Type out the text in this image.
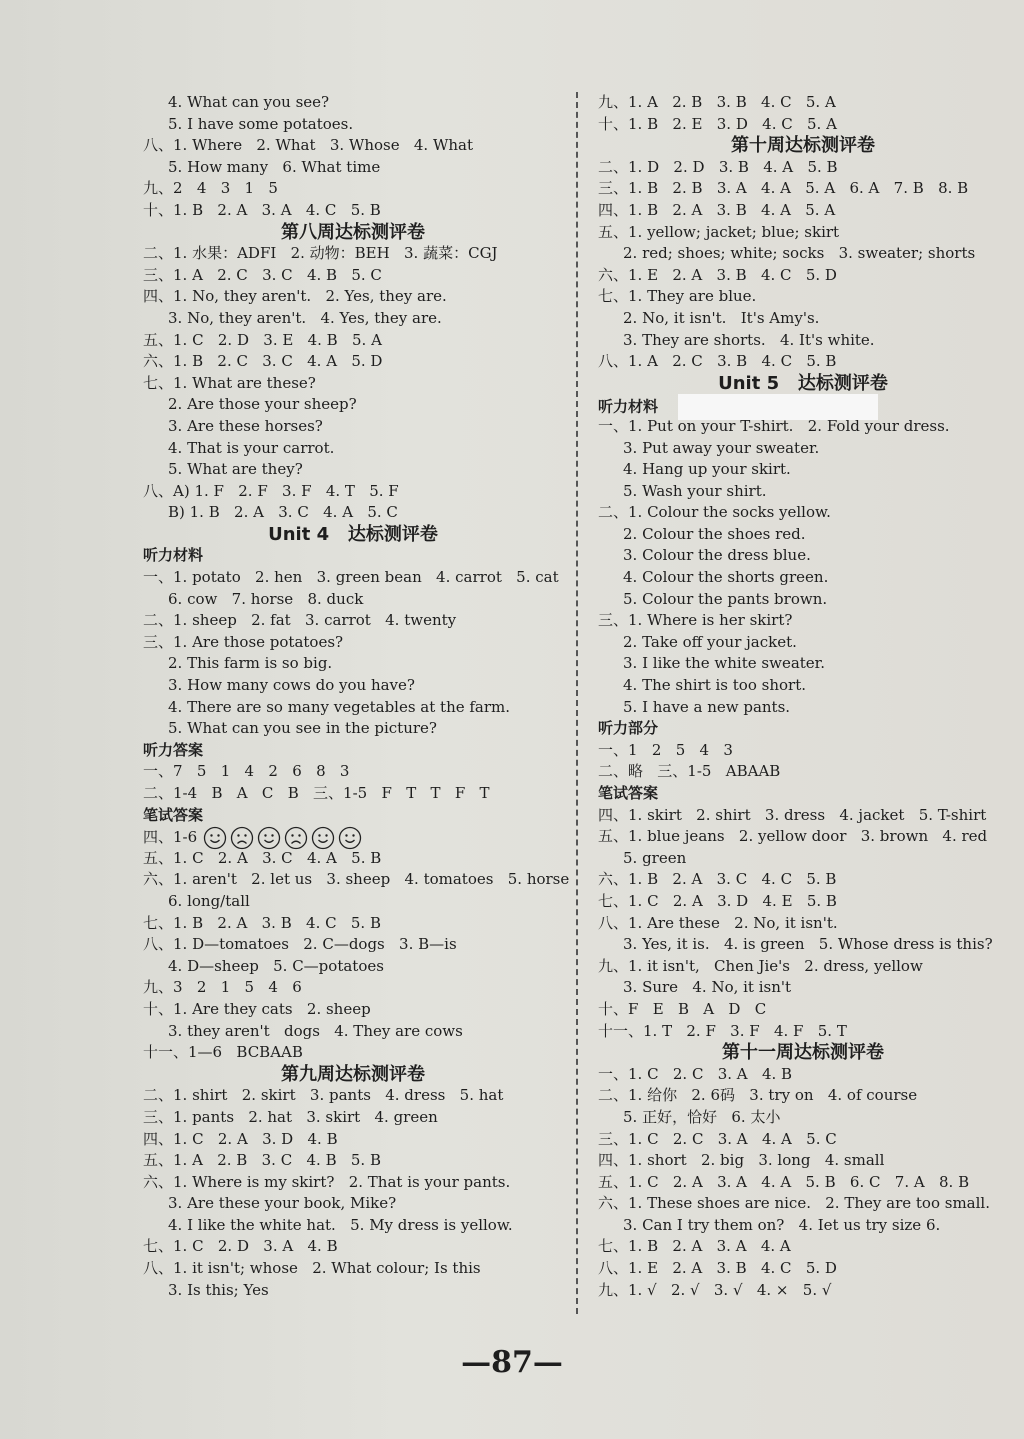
4. What can you see?
5. I have some potatoes.
八、1. Where   2. What   3. Whose   4. What
5. How many   6. What time
九、2   4   3   1   5
十、1. B   2. A   3. A   4. C   5. B
第八周达标测评卷
二、1. 水果：ADFI   2. 动物：BEH   3. 蔬菜：CGJ
三、1. A   2. C   3. C   4. B   5. C
四、1. No, they aren't.   2. Yes, they are.
3. No, they aren't.   4. Yes, they are.
五、1. C   2. D   3. E   4. B   5. A
六、1. B   2. C   3. C   4. A   5. D
七、1. What are these?
2. Are those your sheep?
3. Are these horses?
4. That is your carrot.
5. What are they?
八、A) 1. F   2. F   3. F   4. T   5. F
B) 1. B   2. A   3. C   4. A   5. C
Unit 4   达标测评卷
听力材料
一、1. potato   2. hen   3. green bean   4. carrot   5. cat
6. cow   7. horse   8. duck
二、1. sheep   2. fat   3. carrot   4. twenty
三、1. Are those potatoes?
2. This farm is so big.
3. How many cows do you have?
4. There are so many vegetables at the farm.
5. What can you see in the picture?
听力答案
一、7   5   1   4   2   6   8   3
二、1-4   B   A   C   B   三、1-5   F   T   T   F   T
笔试答案
四、1-6
五、1. C   2. A   3. C   4. A   5. B
六、1. aren't   2. let us   3. sheep   4. tomatoes   5. horse
6. long/tall
七、1. B   2. A   3. B   4. C   5. B
八、1. D—tomatoes   2. C—dogs   3. B—is
4. D—sheep   5. C—potatoes
九、3   2   1   5   4   6
十、1. Are they cats   2. sheep
3. they aren't   dogs   4. They are cows
十一、1—6   BCBAAB
第九周达标测评卷
二、1. shirt   2. skirt   3. pants   4. dress   5. hat
三、1. pants   2. hat   3. skirt   4. green
四、1. C   2. A   3. D   4. B
五、1. A   2. B   3. C   4. B   5. B
六、1. Where is my skirt?   2. That is your pants.
3. Are these your book, Mike?
4. I like the white hat.   5. My dress is yellow.
七、1. C   2. D   3. A   4. B
八、1. it isn't; whose   2. What colour; Is this
3. Is this; Yes
九、1. A   2. B   3. B   4. C   5. A
十、1. B   2. E   3. D   4. C   5. A
第十周达标测评卷
二、1. D   2. D   3. B   4. A   5. B
三、1. B   2. B   3. A   4. A   5. A   6. A   7. B   8. B
四、1. B   2. A   3. B   4. A   5. A
五、1. yellow; jacket; blue; skirt
2. red; shoes; white; socks   3. sweater; shorts
六、1. E   2. A   3. B   4. C   5. D
七、1. They are blue.
2. No, it isn't.   It's Amy's.
3. They are shorts.   4. It's white.
八、1. A   2. C   3. B   4. C   5. B
Unit 5   达标测评卷
听力材料
一、1. Put on your T-shirt.   2. Fold your dress.
3. Put away your sweater.
4. Hang up your skirt.
5. Wash your shirt.
二、1. Colour the socks yellow.
2. Colour the shoes red.
3. Colour the dress blue.
4. Colour the shorts green.
5. Colour the pants brown.
三、1. Where is her skirt?
2. Take off your jacket.
3. I like the white sweater.
4. The shirt is too short.
5. I have a new pants.
听力部分
一、1   2   5   4   3
二、略   三、1-5   ABAAB
笔试答案
四、1. skirt   2. shirt   3. dress   4. jacket   5. T-shirt
五、1. blue jeans   2. yellow door   3. brown   4. red
5. green
六、1. B   2. A   3. C   4. C   5. B
七、1. C   2. A   3. D   4. E   5. B
八、1. Are these   2. No, it isn't.
3. Yes, it is.   4. is green   5. Whose dress is this?
九、1. it isn't,   Chen Jie's   2. dress, yellow
3. Sure   4. No, it isn't
十、F   E   B   A   D   C
十一、1. T   2. F   3. F   4. F   5. T
第十一周达标测评卷
一、1. C   2. C   3. A   4. B
二、1. 给你   2. 6码   3. try on   4. of course
5. 正好，恰好   6. 太小
三、1. C   2. C   3. A   4. A   5. C
四、1. short   2. big   3. long   4. small
五、1. C   2. A   3. A   4. A   5. B   6. C   7. A   8. B
六、1. These shoes are nice.   2. They are too small.
3. Can I try them on?   4. Iet us try size 6.
七、1. B   2. A   3. A   4. A
八、1. E   2. A   3. B   4. C   5. D
九、1. √   2. √   3. √   4. ×   5. √
—87—
